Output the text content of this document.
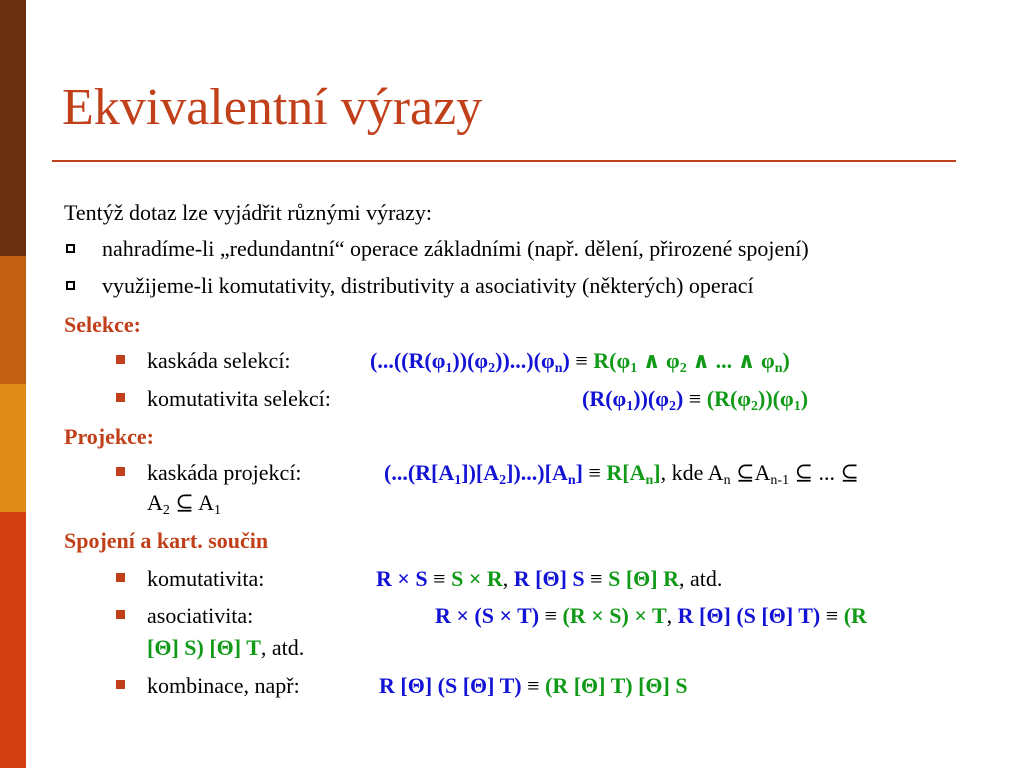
Ekvivalentní výrazy
Tentýž dotaz lze vyjádřit různými výrazy:
nahradíme-li „redundantní“ operace základními (např. dělení, přirozené spojení)
využijeme-li komutativity, distributivity a asociativity (některých) operací
Selekce:
kaskáda selekcí:	$(...((R(\varphi_1))(\varphi_2))...)(\varphi_n) \equiv R(\varphi_1$ ∧ $\varphi_2$ ∧ ... ∧ $\varphi_n$)
komutativita selekcí:	$(R(\varphi_1))(\varphi_2) \equiv (R(\varphi_2))(\varphi_1)$
Projekce:
kaskáda projekcí:	$(...(R[A_1])[A_2])...)[A_n] \equiv R[A_n]$, kde $A_n$ $⊆A_{n-1}$ ⊆ ... ⊆
$A_2$ ⊆ $A_1$
Spojení a kart. součin
komutativita:	R × S ≡ S × R, R [Θ] S ≡ S [Θ] R, atd.
asociativita:	R × (S × T) ≡ (R × S) × T, R [Θ] (S [Θ] T) ≡ (R
[Θ] S) [Θ] T, atd.
kombinace, např:	R [Θ] (S [Θ] T) ≡ (R [Θ] T) [Θ] S
